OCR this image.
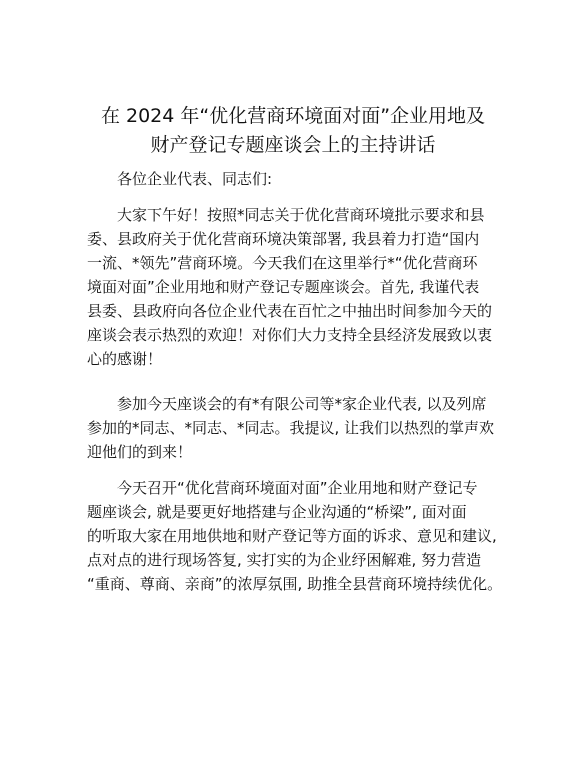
在 2024 年“优化营商环境面对面”企业用地及
财产登记专题座谈会上的主持讲话

各位企业代表、同志们:

大家下午好！按照*同志关于优化营商环境批示要求和县
委、县政府关于优化营商环境决策部署, 我县着力打造“国内
一流、*领先”营商环境。今天我们在这里举行*“优化营商环
境面对面”企业用地和财产登记专题座谈会。首先, 我谨代表
县委、县政府向各位企业代表在百忙之中抽出时间参加今天的
座谈会表示热烈的欢迎！对你们大力支持全县经济发展致以衷
心的感谢！

参加今天座谈会的有*有限公司等*家企业代表, 以及列席
参加的*同志、*同志、*同志。我提议, 让我们以热烈的掌声欢
迎他们的到来！

今天召开“优化营商环境面对面”企业用地和财产登记专
题座谈会, 就是要更好地搭建与企业沟通的“桥梁”, 面对面
的听取大家在用地供地和财产登记等方面的诉求、意见和建议,
点对点的进行现场答复, 实打实的为企业纾困解难, 努力营造
“重商、尊商、亲商”的浓厚氛围, 助推全县营商环境持续优化。
